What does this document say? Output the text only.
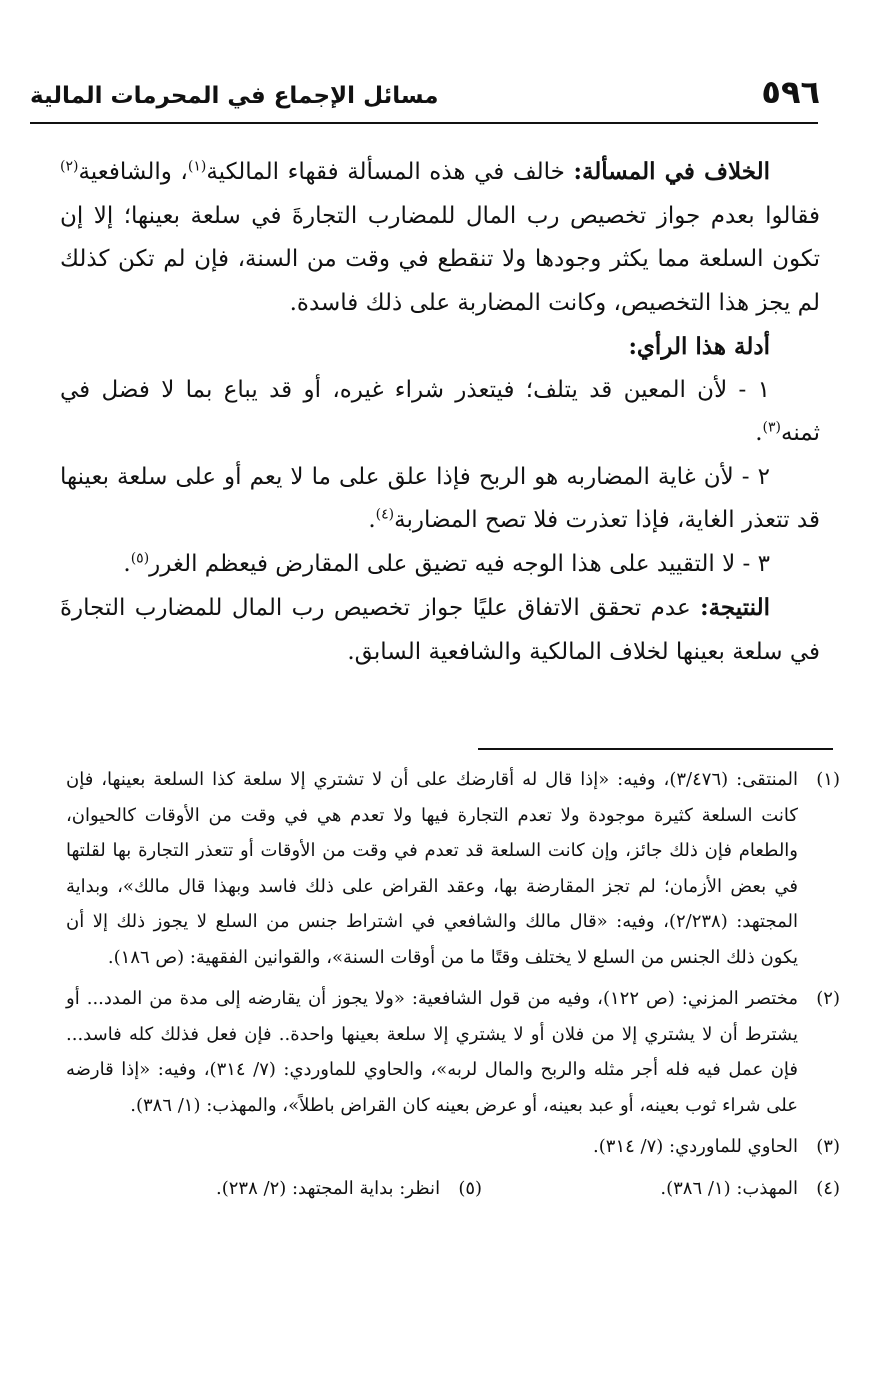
٥٩٦
مسائل الإجماع في المحرمات المالية

الخلاف في المسألة: خالف في هذه المسألة فقهاء المالكية$^{(١)}$، والشافعية$^{(٢)}$ فقالوا بعدم جواز تخصيص رب المال للمضارب التجارةَ في سلعة بعينها؛ إلا إن تكون السلعة مما يكثر وجودها ولا تنقطع في وقت من السنة، فإن لم تكن كذلك لم يجز هذا التخصيص، وكانت المضاربة على ذلك فاسدة.

أدلة هذا الرأي:

١ - لأن المعين قد يتلف؛ فيتعذر شراء غيره، أو قد يباع بما لا فضل في ثمنه$^{(٣)}$.

٢ - لأن غاية المضاربه هو الربح فإذا علق على ما لا يعم أو على سلعة بعينها قد تتعذر الغاية، فإذا تعذرت فلا تصح المضاربة$^{(٤)}$.

٣ - لا التقييد على هذا الوجه فيه تضيق على المقارض فيعظم الغرر$^{(٥)}$.

النتيجة: عدم تحقق الاتفاق عليًا جواز تخصيص رب المال للمضارب التجارةَ في سلعة بعينها لخلاف المالكية والشافعية السابق.

(١)
المنتقى: (٣/٤٧٦)، وفيه: «إذا قال له أقارضك على أن لا تشتري إلا سلعة كذا السلعة بعينها، فإن كانت السلعة كثيرة موجودة ولا تعدم التجارة فيها ولا تعدم هي في وقت من الأوقات كالحيوان، والطعام فإن ذلك جائز، وإن كانت السلعة قد تعدم في وقت من الأوقات أو تتعذر التجارة بها لقلتها في بعض الأزمان؛ لم تجز المقارضة بها، وعقد القراض على ذلك فاسد وبهذا قال مالك»، وبداية المجتهد: (٢/٢٣٨)، وفيه: «قال مالك والشافعي في اشتراط جنس من السلع لا يجوز ذلك إلا أن يكون ذلك الجنس من السلع لا يختلف وقتًا ما من أوقات السنة»، والقوانين الفقهية: (ص ١٨٦).
(٢)
مختصر المزني: (ص ١٢٢)، وفيه من قول الشافعية: «ولا يجوز أن يقارضه إلى مدة من المدد... أو يشترط أن لا يشتري إلا من فلان أو لا يشتري إلا سلعة بعينها واحدة.. فإن فعل فذلك كله فاسد... فإن عمل فيه فله أجر مثله والربح والمال لربه»، والحاوي للماوردي: (٧/ ٣١٤)، وفيه: «إذا قارضه على شراء ثوب بعينه، أو عبد بعينه، أو عرض بعينه كان القراض باطلاً»، والمهذب: (١/ ٣٨٦).
(٣)
الحاوي للماوردي: (٧/ ٣١٤).
(٤)
المهذب: (١/ ٣٨٦).
(٥)
انظر: بداية المجتهد: (٢/ ٢٣٨).
